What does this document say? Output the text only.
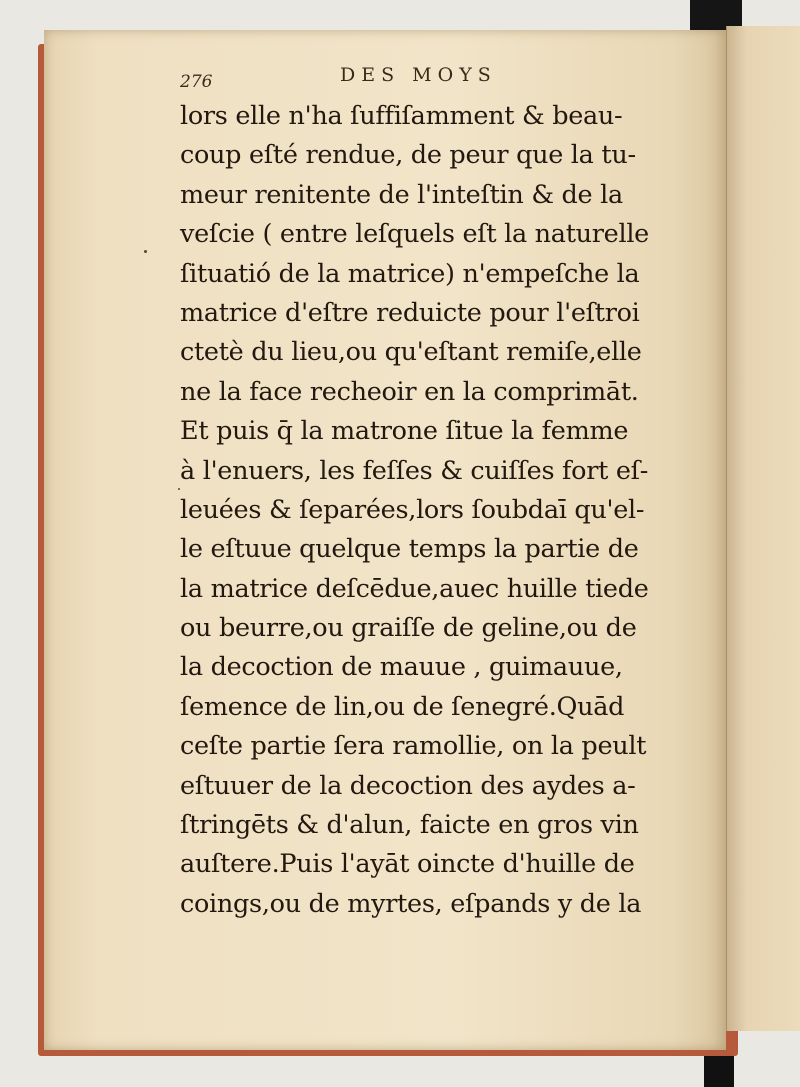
276	DES MOYS
lors elle n'ha ſuffiſamment & beau-
coup eſté rendue, de peur que la tu-
meur renitente de l'inteſtin & de la
veſcie ( entre leſquels eſt la naturelle
ſituatió de la matrice) n'empeſche la
matrice d'eſtre reduicte pour l'eſtroi
ctetè du lieu,ou qu'eſtant remiſe,elle
ne la face recheoir en la comprimāt.
Et puis q̄ la matrone ſitue la femme
à l'enuers, les feſſes & cuiſſes fort eſ-
leuées & ſeparées,lors ſoubdaī qu'el-
le eſtuue quelque temps la partie de
la matrice deſcēdue,auec huille tiede
ou beurre,ou graiſſe de geline,ou de
la decoction de mauue , guimauue,
ſemence de lin,ou de ſenegré.Quād
ceſte partie ſera ramollie, on la peult
eſtuuer de la decoction des aydes a-
ſtringēts & d'alun, faicte en gros vin
auſtere.Puis l'ayāt oincte d'huille de
coings,ou de myrtes, eſpands y de la
